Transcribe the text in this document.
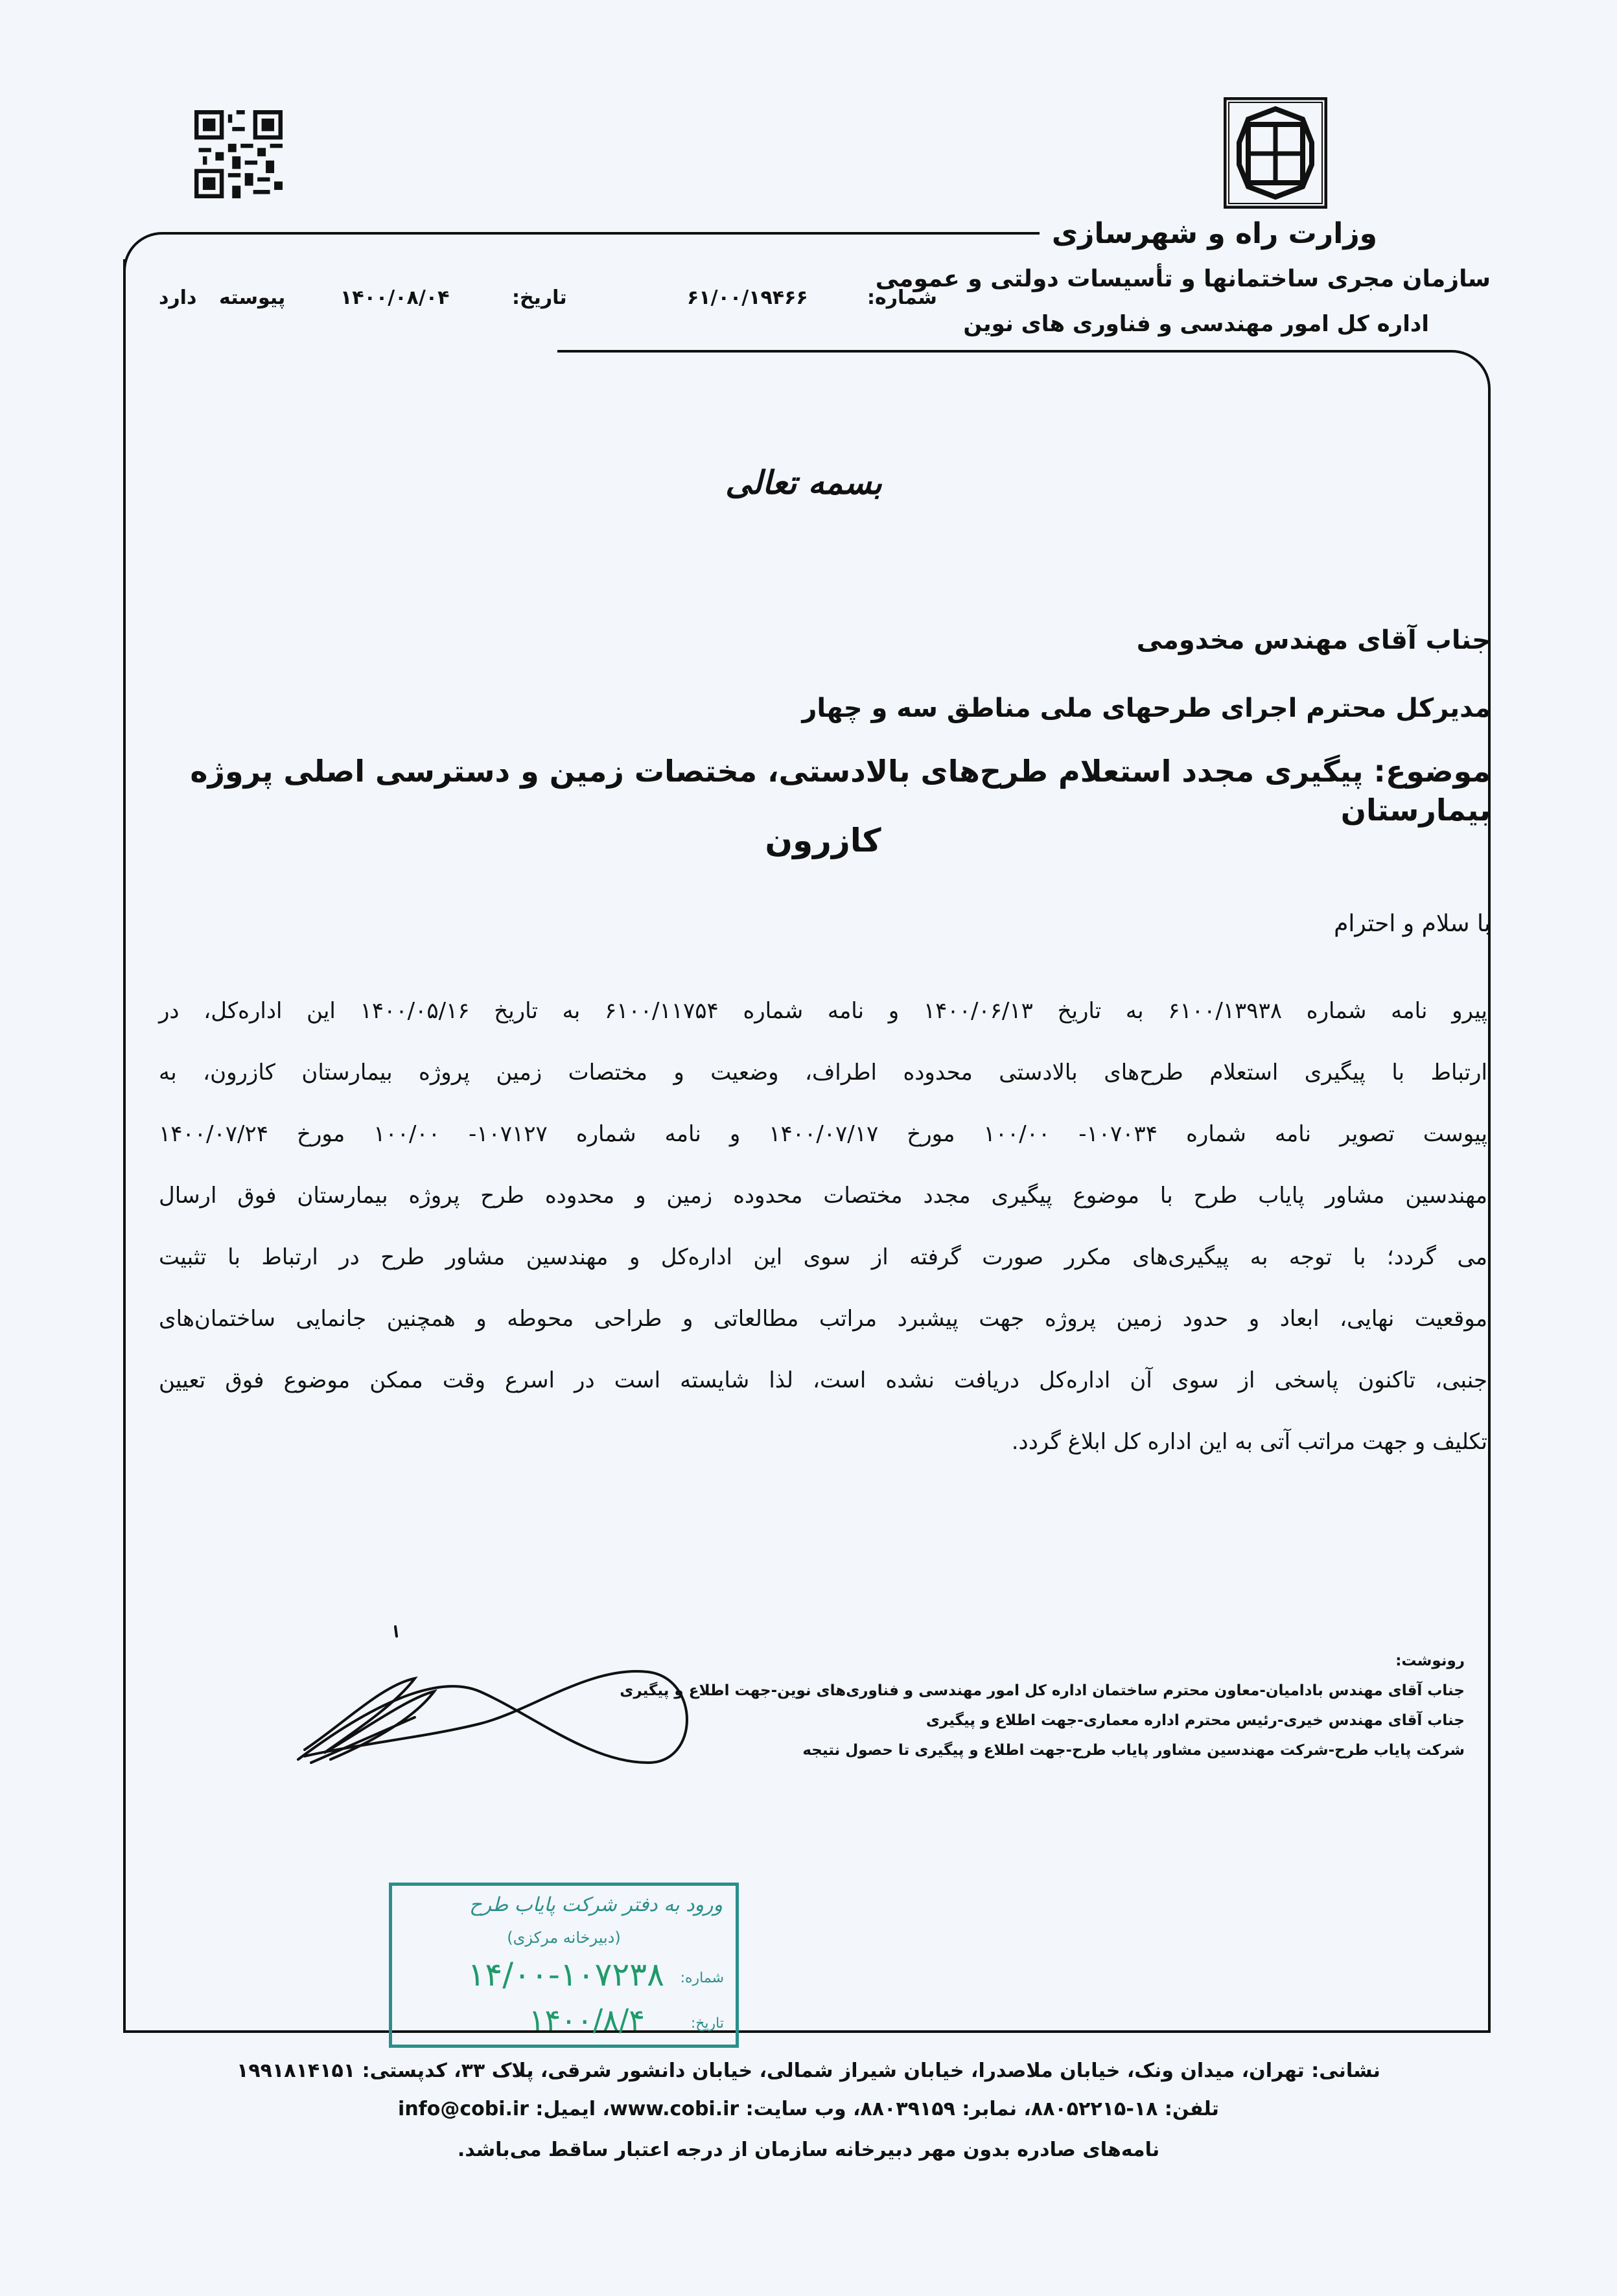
وزارت راه و شهرسازی
سازمان مجری ساختمانها و تأسیسات دولتی و عمومی
اداره کل امور مهندسی و فناوری های نوین
شماره:
۶۱/۰۰/۱۹۴۶۶
تاریخ:
۱۴۰۰/۰۸/۰۴
پیوسته
دارد
بسمه تعالی
جناب آقای مهندس مخدومی
مدیرکل محترم اجرای طرحهای ملی مناطق سه و چهار
موضوع: پیگیری مجدد استعلام طرح‌های بالادستی، مختصات زمین و دسترسی اصلی پروژه بیمارستان
کازرون
با سلام و احترام
پیرو نامه شماره ۶۱۰۰/۱۳۹۳۸ به تاریخ ۱۴۰۰/۰۶/۱۳ و نامه شماره ۶۱۰۰/۱۱۷۵۴ به تاریخ ۱۴۰۰/۰۵/۱۶ این اداره‌کل، در
ارتباط با پیگیری استعلام طرح‌های بالادستی محدوده اطراف، وضعیت و مختصات زمین پروژه بیمارستان کازرون، به
پیوست تصویر نامه شماره ۱۰۷۰۳۴- ۱۰۰/۰۰ مورخ ۱۴۰۰/۰۷/۱۷ و نامه شماره ۱۰۷۱۲۷- ۱۰۰/۰۰ مورخ ۱۴۰۰/۰۷/۲۴
مهندسین مشاور پایاب طرح با موضوع پیگیری مجدد مختصات محدوده زمین و محدوده طرح پروژه بیمارستان فوق ارسال
می گردد؛ با توجه به پیگیری‌های مکرر صورت گرفته از سوی این اداره‌کل و مهندسین مشاور طرح در ارتباط با تثبیت
موقعیت نهایی، ابعاد و حدود زمین پروژه جهت پیشبرد مراتب مطالعاتی و طراحی محوطه و همچنین جانمایی ساختمان‌های
جنبی، تاکنون پاسخی از سوی آن اداره‌کل دریافت نشده است، لذا شایسته است در اسرع وقت ممکن موضوع فوق تعیین
تکلیف و جهت مراتب آتی به این اداره کل ابلاغ گردد.
رونوشت:
جناب آقای مهندس بادامیان-معاون محترم ساختمان اداره کل امور مهندسی و فناوری‌های نوین-جهت اطلاع و پیگیری
جناب آقای مهندس خیری-رئیس محترم اداره معماری-جهت اطلاع و پیگیری
شرکت پایاب طرح-شرکت مهندسین مشاور پایاب طرح-جهت اطلاع و پیگیری تا حصول نتیجه
ورود به دفتر شرکت پایاب طرح
(دبیرخانه مرکزی)
شماره:
۱۴/۰۰-۱۰۷۲۳۸
تاریخ:
۱۴۰۰/۸/۴
نشانی: تهران، میدان ونک، خیابان ملاصدرا، خیابان شیراز شمالی، خیابان دانشور شرقی، پلاک ۳۳، کدپستی: ۱۹۹۱۸۱۴۱۵۱
تلفن: ۱۸-۸۸۰۵۲۲۱۵، نمابر: ۸۸۰۳۹۱۵۹، وب سایت: www.cobi.ir، ایمیل: info@cobi.ir
نامه‌های صادره بدون مهر دبیرخانه سازمان از درجه اعتبار ساقط می‌باشد.
